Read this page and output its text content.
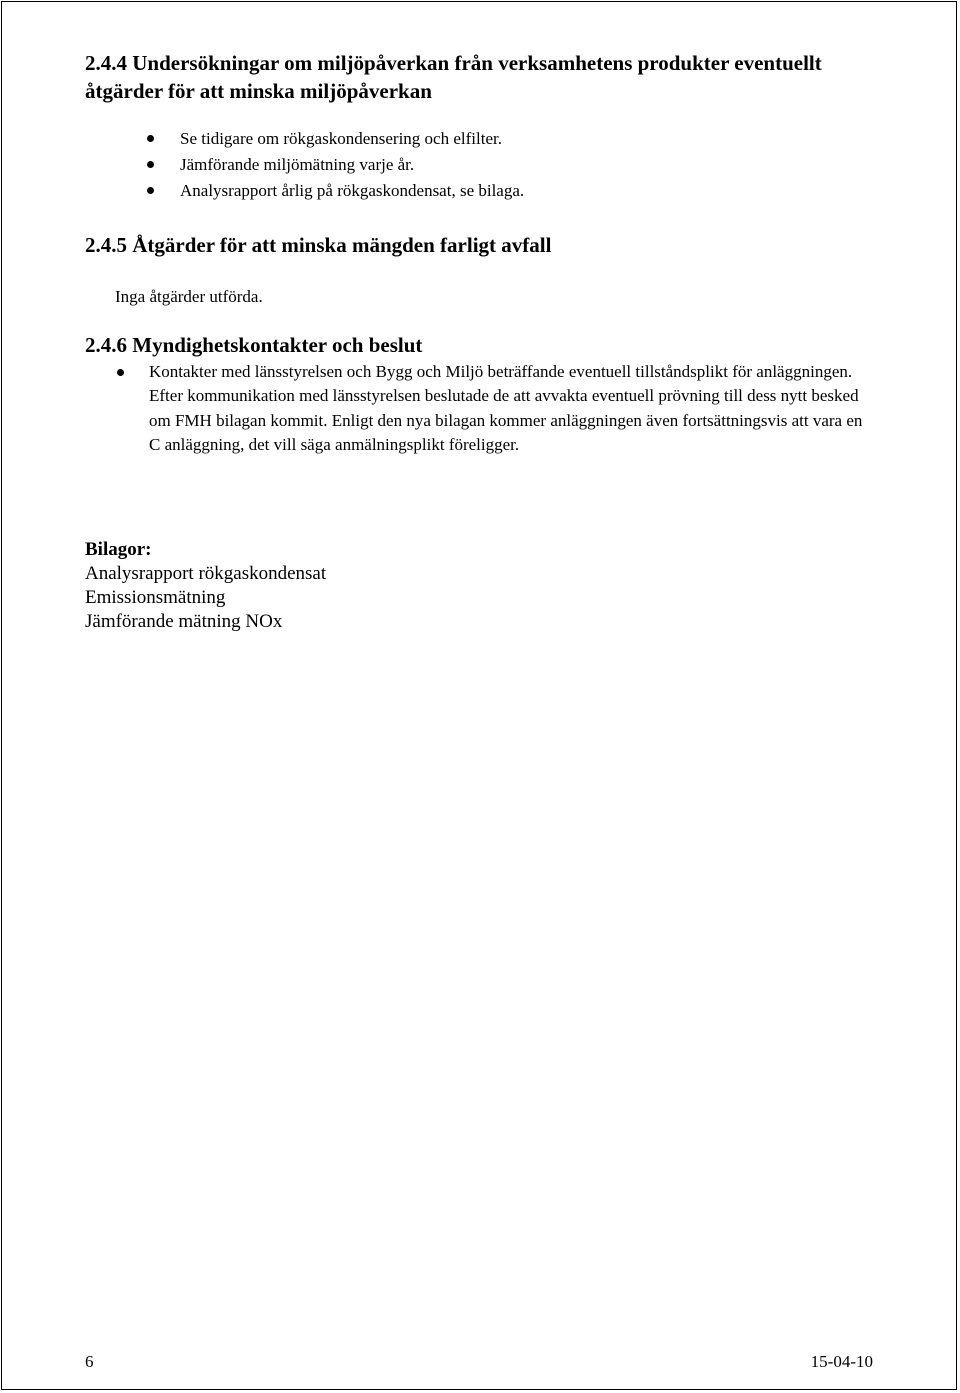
2.4.4 Undersökningar om miljöpåverkan från verksamhetens produkter eventuellt åtgärder för att minska miljöpåverkan
Se tidigare om rökgaskondensering och elfilter.
Jämförande miljömätning varje år.
Analysrapport årlig på rökgaskondensat, se bilaga.
2.4.5 Åtgärder för att minska mängden farligt avfall

Inga åtgärder utförda.

2.4.6 Myndighetskontakter och beslut
Kontakter med länsstyrelsen och Bygg och Miljö beträffande eventuell tillståndsplikt för anläggningen. Efter kommunikation med länsstyrelsen beslutade de att avvakta eventuell prövning till dess nytt besked om FMH bilagan kommit. Enligt den nya bilagan kommer anläggningen även fortsättningsvis att vara en C anläggning, det vill säga anmälningsplikt föreligger.
Bilagor:
Analysrapport rökgaskondensat
Emissionsmätning
Jämförande mätning NOx
6	15-04-10
